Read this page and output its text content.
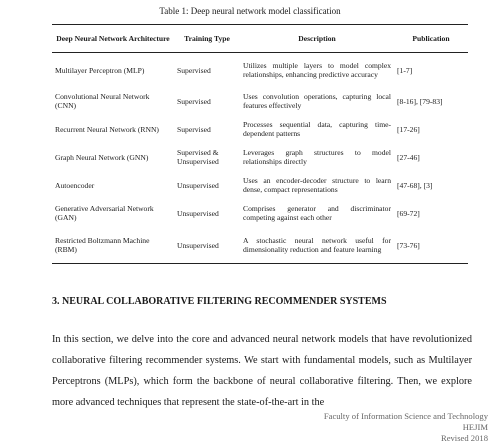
Table 1: Deep neural network model classification
Deep Neural Network Architecture	Training Type	Description	Publication
Multilayer Perceptron (MLP)	Supervised	Utilizes multiple layers to model complex relationships, enhancing predictive accuracy	[1-7]
Convolutional Neural Network (CNN)	Supervised	Uses convolution operations, capturing local features effectively	[8-16], [79-83]
Recurrent Neural Network (RNN)	Supervised	Processes sequential data, capturing time-dependent patterns	[17-26]
Graph Neural Network (GNN)	Supervised & Unsupervised	Leverages graph structures to model relationships directly	[27-46]
Autoencoder	Unsupervised	Uses an encoder-decoder structure to learn dense, compact representations	[47-68], [3]
Generative Adversarial Network (GAN)	Unsupervised	Comprises generator and discriminator competing against each other	[69-72]
Restricted Boltzmann Machine (RBM)	Unsupervised	A stochastic neural network useful for dimensionality reduction and feature learning	[73-76]
3. NEURAL COLLABORATIVE FILTERING RECOMMENDER SYSTEMS

In this section, we delve into the core and advanced neural network models that have revolutionized collaborative filtering recommender systems. We start with fundamental models, such as Multilayer Perceptrons (MLPs), which form the backbone of neural collaborative filtering. Then, we explore more advanced techniques that represent the state-of-the-art in the

Faculty of Information Science and Technology
HEJIM
Revised 2018
